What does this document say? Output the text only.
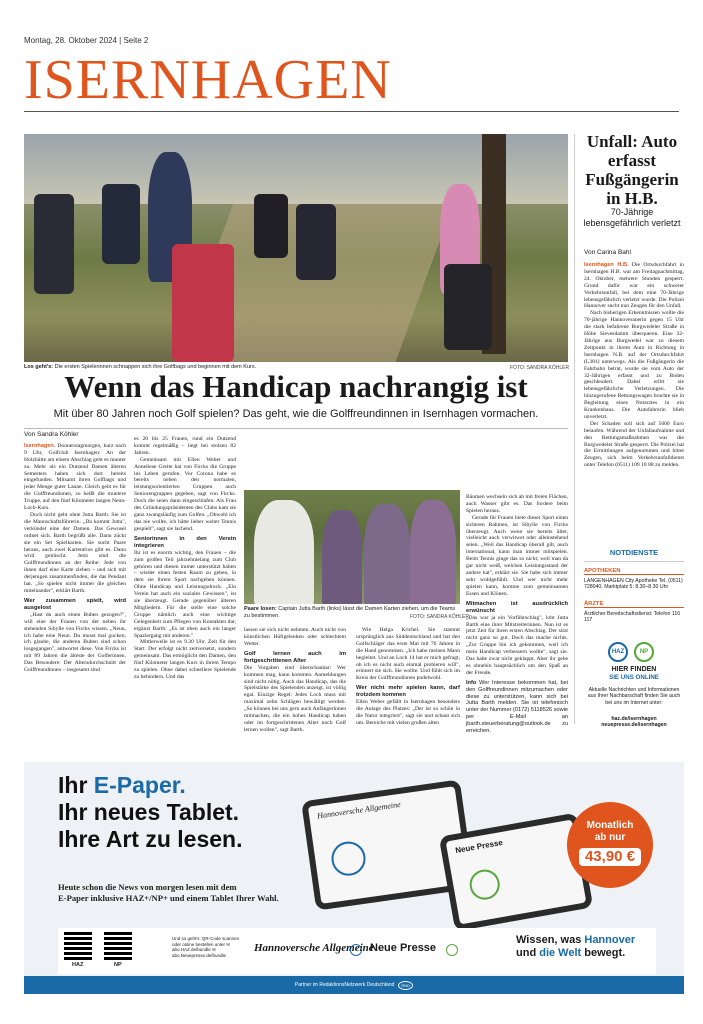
Montag, 28. Oktober 2024 | Seite 2
ISERNHAGEN
Los geht's: Die ersten Spielerinnen schnappen sich ihre Golfbags und beginnen mit dem Kurs.	FOTO: SANDRA KÖHLER
Wenn das Handicap nachrangig ist
Mit über 80 Jahren noch Golf spielen? Das geht, wie die Golffreundinnen in Isernhagen vormachen.

Von Sandra Köhler

Isernhagen. Donnerstagmorgen, kurz nach 9 Uhr, Golfclub Isernhagen: An der Holzhütte am einem Abschlag geht es munter zu. Mehr als ein Dutzend Damen älteren Semesters haben sich dort bereits eingefunden. Mitsamt ihren Golfbags und jeder Menge guter Laune. Gleich geht es für die Golffreundinnen, so heißt die muntere Truppe, auf den fünf Kilometer langen Neun-Loch-Kurs.

Doch nicht geht ohne Jutta Barth. Sie ist die Mannschaftsführerin. „Da kommt Jutta", verkündet eine der Damen. Das Gewusel ordnet sich. Barth begrüßt alle. Dann zückt sie ein Set Spielkarten. Sie sucht Paare heraus, auch zwei Kartentrios gibt es. Dann wird gemischt. Jetzt sind die Golffreundinnen an der Reihe: Jede von ihnen darf eine Karte ziehen – und sich mit derjenigen zusammenfinden, die das Pendant hat. „So spielen nicht immer die gleichen miteinander", erklärt Barth.

Wer zusammen spielt, wird ausgelost

„Hast du auch einen Buben gezogen?", will eine der Frauen von der neben ihr stehenden Sibylle von Fircks wissen. „Neun, ich habe eine Neun. Du musst mal gucken, ich glaube, die anderen Buben sind schon losgegangen", antwortet diese. Von Fircks ist mit 89 Jahren die älteste der Golferinnen. Das Besondere: Der Altersdurchschnitt der Golffreundinnen – insgesamt sind

es 20 bis 25 Frauen, rund ein Dutzend kommt regelmäßig – liegt bei stolzen 82 Jahren.

Gemeinsam mit Ellen Weber und Anneliese Greite hat von Fircks die Gruppe ins Leben gerufen. Vor Corona habe es bereits neben den normalen, leistungsorientierten Gruppen auch Seniorengruppen gegeben, sagt von Fircks. Doch die seien dann eingeschlafen. Als Frau des Gründungspräsidenten des Clubs kam sie ganz zwangsläufig zum Golfen. „Obwohl ich das nie wollte, ich hätte lieber weiter Tennis gespielt", sagt sie lachend.

Seniorinnen in den Verein integrieren

Ihr ist es enorm wichtig, den Frauen – die zum großen Teil jahrzehntelang zum Club gehören und diesen immer unterstützt haben – wieder einen festen Raum zu geben, in dem sie ihrem Sport nachgehen können. Ohne Handicap und Leistungsdruck. „Ein Verein hat auch ein soziales Gewissen", ist sie überzeugt. Gerade gegenüber älteren Mitgliedern. Für die stelle eine solche Gruppe nämlich auch eine wichtige Gelegenheit zum Pflegen von Kontakten dar, ergänzt Barth: „Es ist eben auch ein langer Spaziergang mit anderen."

Mittlerweile ist es 9.30 Uhr. Zeit für den Start. Der erfolgt nicht zeitversetzt, sondern gemeinsam. Das ermöglicht den Damen, den fünf Kilometer langen Kurs in ihrem Tempo zu spielen. Ohne dabei schnellere Spielende zu behindern. Und das

Paare losen: Captain Jutta Barth (links) lässt die Damen Karten ziehen, um die Teams zu bestimmen.	FOTO: SANDRA KÖHLER

lassen sie sich nicht nehmen. Auch nicht von künstlichen Hüftgelenken oder schlechtem Wetter.

Golf lernen auch im fortgeschrittenen Alter

Die Vorgaben sind überschaubar: Wer kommen mag, kann kommen. Anmeldungen sind nicht nötig. Auch das Handicap, das die Spielstärke des Spielenden anzeigt, ist völlig egal. Einzige Regel: Jedes Loch muss mit maximal zehn Schlägen bewältigt werden. „So können bei uns gern auch Anfängerinnen mitmachen, die ein hohes Handicap haben oder im fortgeschrittenen Alter noch Golf lernen wollen", sagt Barth.

Wie Helga Krichel. Sie stammt ursprünglich aus Süddeutschland und hat den Golfschläger das erste Mal mit 76 Jahren in die Hand genommen. „Ich habe meinen Mann begleitet. Und an Loch 14 hat er mich gefragt, ob ich es nicht auch einmal probieren will", erinnert sie sich. Sie wollte. Und fühlt sich im Kreis der Golffreundinnen pudelwohl.

Wer nicht mehr spielen kann, darf trotzdem kommen

Ellen Weber gefällt in Isernhagen besonders die Anlage des Platzes: „Der ist so schön in die Natur integriert", sagt sie und schaut sich um. Bereiche mit vielen großen alten

Bäumen wechseln sich ab mit freien Flächen, auch Wasser gibt es. Das fordere beim Spielen heraus.

Gerade für Frauen biete dieser Sport einen sicheren Rahmen, ist Sibylle von Fircks überzeugt. Auch wenn sie bereits älter, vielleicht auch verwitwet oder alleinstehend seien. „Weil das Handicap überall gilt, auch international, kann man immer mitspielen. Beim Tennis ginge das so nicht; weil man da gar nicht weiß, welchen Leistungsstand der andere hat", erklärt sie. Sie habe sich immer sehr wohlgefühlt. Und wer nicht mehr spielen kann, komme zum gemeinsamen Essen und Klönen.

Mitmachen ist ausdrücklich erwünscht

„Das war ja ein Vorführschlag", lobt Jutta Barth eine ihrer Mitstreiterinnen. Nun ist es jetzt Zeit für ihren ersten Abschlag. Der sitzt nicht ganz so gut. Doch das mache nichts. „Zur Gruppe bin ich gekommen, weil ich mein Handicap verbessern wollte", sagt sie. Das habe zwar nicht geklappt. Aber ihr gehe es ohnehin hauptsächlich um den Spaß an der Freude.

Info Wer Interesse bekommen hat, bei den Golffreundinnen mitzumachen oder diese zu unterstützen, kann sich bei Jutta Barth melden. Sie ist telefonisch unter der Nummer (0172) 5118526 sowie per E-Mail an jbarth.steuerberatung@outlook.de zu erreichen.

Unfall: Auto erfasst Fußgängerin in H.B.
70-Jährige lebensgefährlich verletzt
Von Carina Bahl

Isernhagen H.B. Die Ortsdurchfahrt in Isernhagen H.B. war am Freitagnachmittag, 24. Oktober, mehrere Stunden gesperrt. Grund dafür war ein schwerer Verkehrsunfall, bei dem eine 70-Jährige lebensgefährlich verletzt wurde. Die Polizei Hannover sucht nun Zeugen für den Unfall.

Nach bisherigen Erkenntnissen wollte die 70-jährige Hannoveranerin gegen 15 Uhr die stark befahrene Burgwedeler Straße in Höhe Sievesdamm überqueren. Eine 32-Jährige aus Burgwedel war zu diesem Zeitpunkt in ihrem Auto in Richtung in Isernhagen N.B. auf der Ortsdurchfahrt (L381) unterwegs. Als die Fußgängerin die Fahrbahn betrat, wurde sie vom Auto der 32-Jährigen erfasst und zu Boden geschleudert. Dabei erlitt sie lebensgefährliche Verletzungen. Die hinzugerufene Rettungswagen brachte sie in Begleitung eines Notarztes in ein Krankenhaus. Die Autofahrerin blieb unverletzt.

Der Schaden soll sich auf 5000 Euro belaufen. Während der Unfallaufnahme und den Rettungsmaßnahmen war die Burgwedeler Straße gesperrt. Die Polizei hat die Ermittlungen aufgenommen und bittet Zeugen, sich beim Verkehrsunfalldienst unter Telefon (0511) 109 18 88 zu melden.

NOTDIENSTE
APOTHEKEN
LANGENHAGEN City Apotheke Tel. (0511) 728040, Marktplatz 5: 8.30–8.30 Uhr
ÄRZTE
Ärztlicher Bereitschaftsdienst: Telefon 116 117
HAZ	NP
HIER FINDEN
SIE UNS ONLINE
Aktuelle Nachrichten und Informationen aus Ihrer Nachbarschaft finden Sie auch bei uns im Internet unter:
haz.de/isernhagen
neuepresse.de/isernhagen
Ihr E-Paper.
Ihr neues Tablet.
Ihre Art zu lesen.
Heute schon die News von morgen lesen mit dem
E-Paper inklusive HAZ+/NP+ und einem Tablet Ihrer Wahl.
Hannoversche Allgemeine
Neue Presse
Monatlich
ab nur
43,90 €
HAZ	NP
Und so geht's: QR-Code scannen oder online bestellen unter ✉ abo.HAZ.de/bundle ✉ abo.Neuepresse.de/bundle
Hannoversche Allgemeine
Neue Presse
Wissen, was Hannover
und die Welt bewegt.
Partner im RedaktionsNetzwerk Deutschland	RND
